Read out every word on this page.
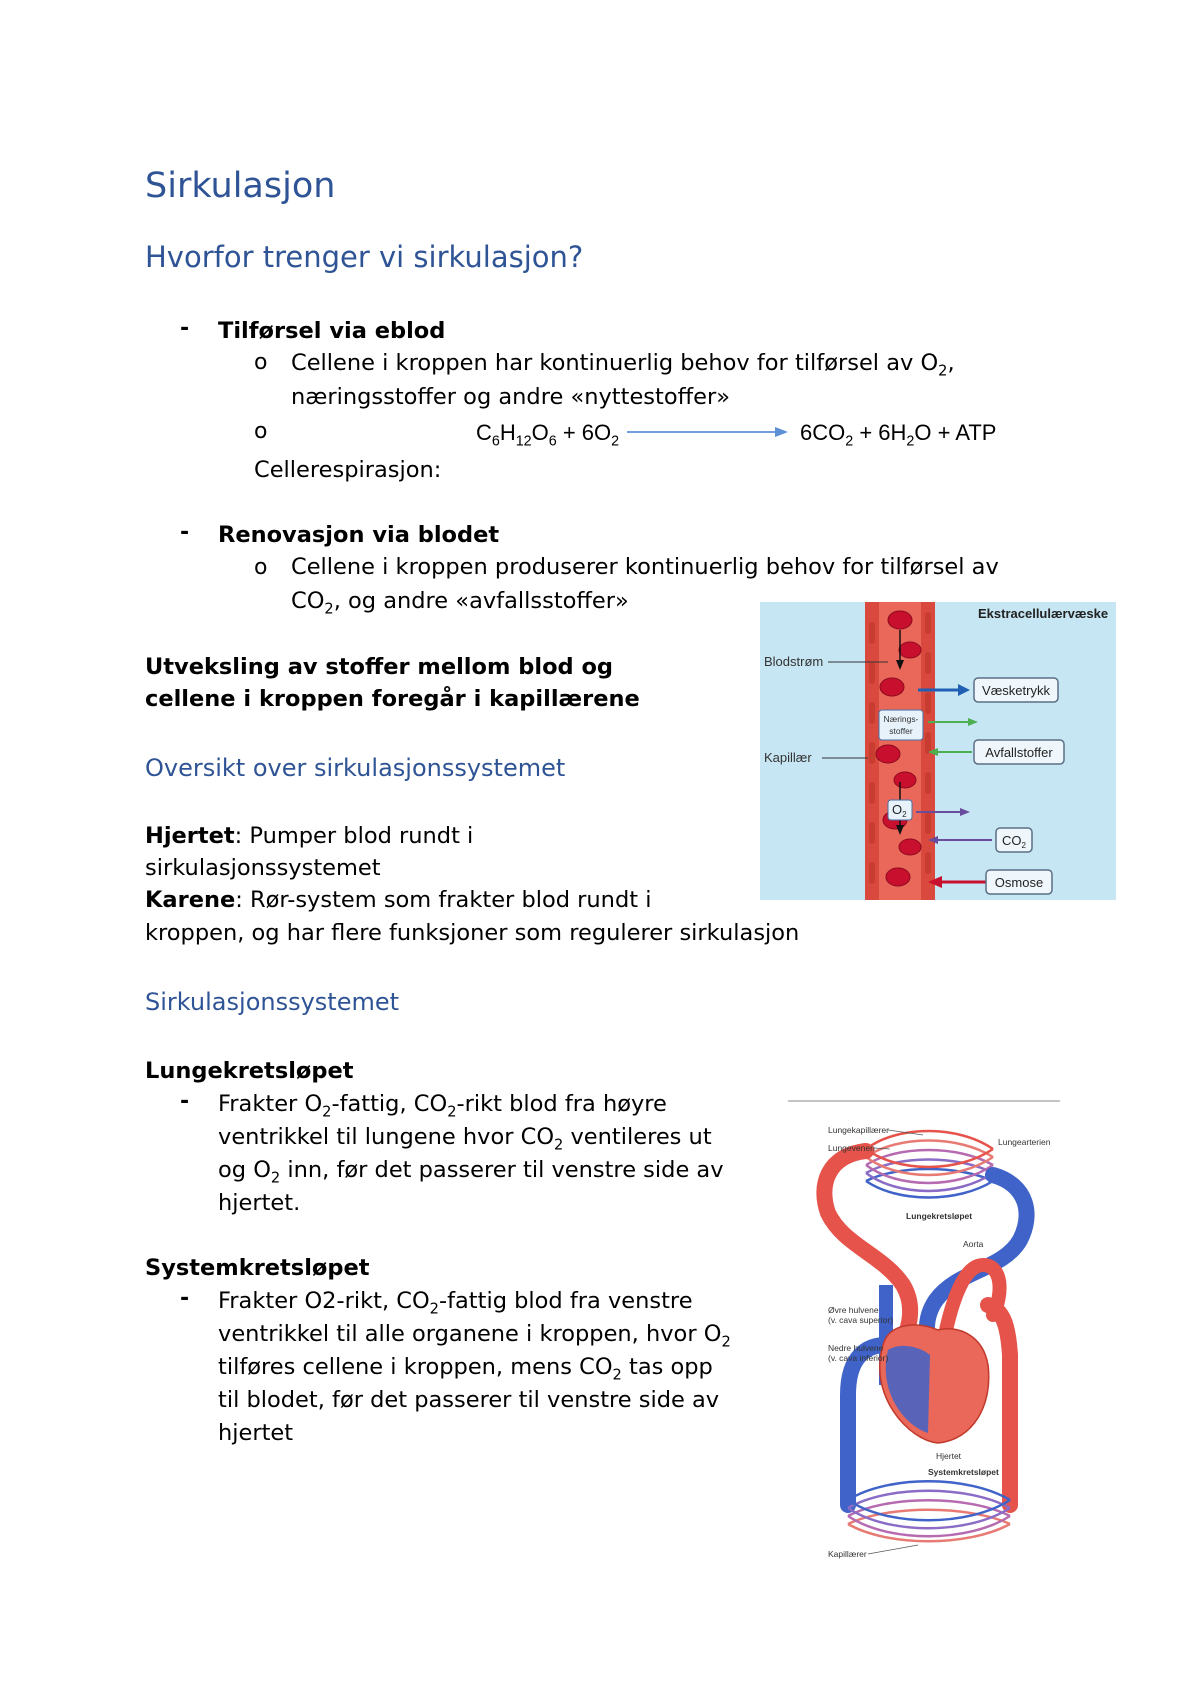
Sirkulasjon
Hvorfor trenger vi sirkulasjon?
- Tilførsel via eblod
o Cellene i kroppen har kontinuerlig behov for tilførsel av $O_2$,
næringsstoffer og andre «nyttestoffer»
o	$C_6H_{12}O_6 + 6O_2$	$6CO_2 + 6H_2O$ + ATP
Cellerespirasjon:
- Renovasjon via blodet
o Cellene i kroppen produserer kontinuerlig behov for tilførsel av
$CO_2$, og andre «avfallsstoffer»
Utveksling av stoffer mellom blod og
cellene i kroppen foregår i kapillærene
Oversikt over sirkulasjonssystemet
Hjertet: Pumper blod rundt i
sirkulasjonssystemet
Karene: Rør-system som frakter blod rundt i
kroppen, og har flere funksjoner som regulerer sirkulasjon
Ekstracellulærvæske
Blodstrøm
Kapillær
Nærings-
stoffer
$O_2$
Væsketrykk
Avfallstoffer
$CO_2$
Osmose
Sirkulasjonssystemet
Lungekretsløpet
- Frakter $O_2$-fattig, $CO_2$-rikt blod fra høyre
ventrikkel til lungene hvor $CO_2$ ventileres ut
og $O_2$ inn, før det passerer til venstre side av
hjertet.
Systemkretsløpet
- Frakter O2-rikt, $CO_2$-fattig blod fra venstre
ventrikkel til alle organene i kroppen, hvor $O_2$
tilføres cellene i kroppen, mens $CO_2$ tas opp
til blodet, før det passerer til venstre side av
hjertet
Lungekapillærer
Lungevenen
Lungearterien
Lungekretsløpet
Aorta
Øvre hulvene
(v. cava superior)
Nedre hulvene
(v. cava inferior)
Hjertet
Systemkretsløpet
Kapillærer
